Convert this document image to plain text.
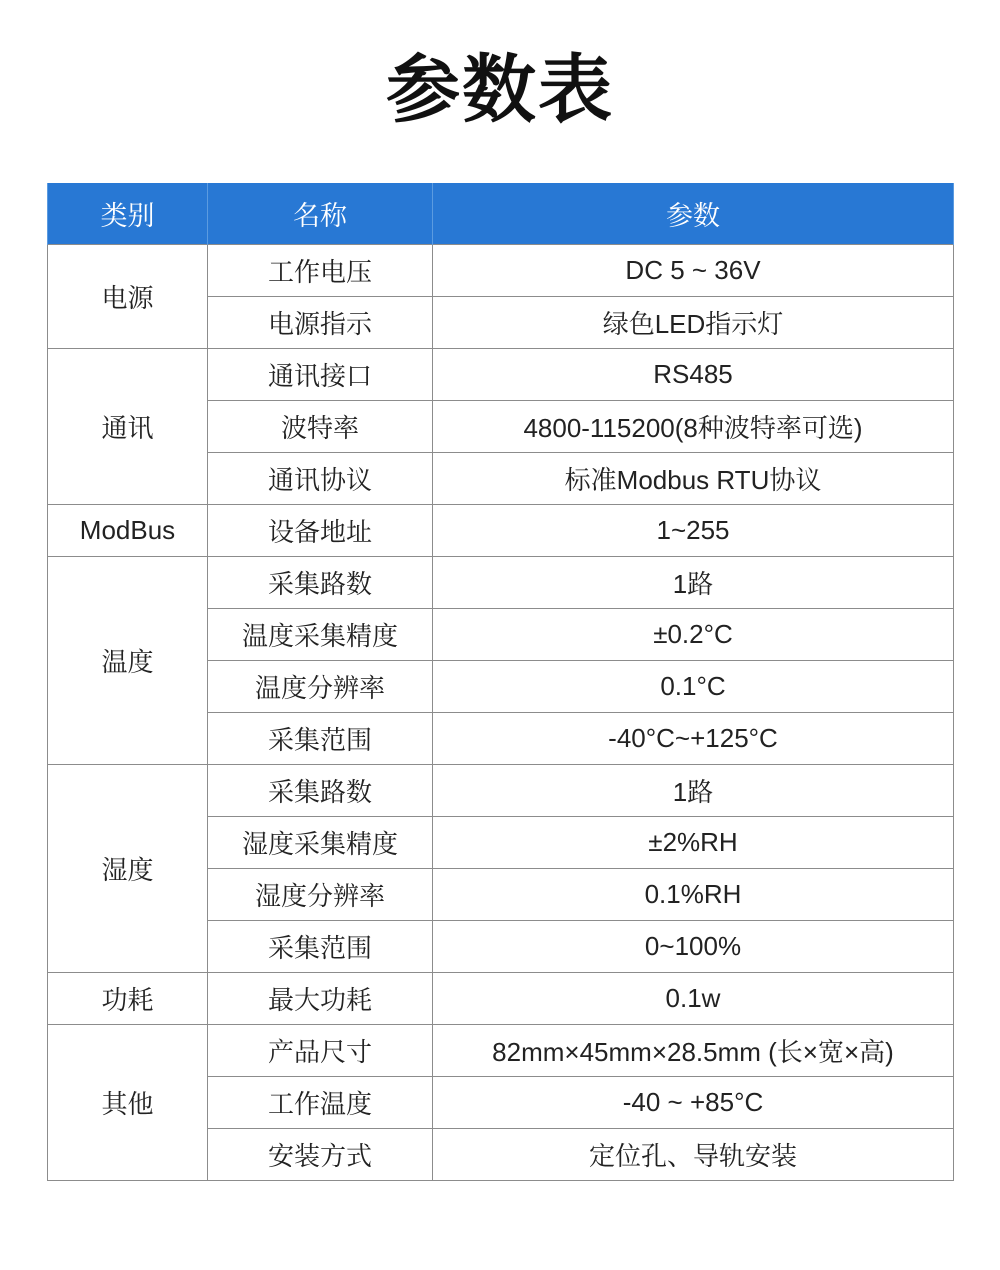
参数表
类别	名称	参数
电源	工作电压	DC 5 ~ 36V
	电源指示	绿色LED指示灯
通讯	通讯接口	RS485
	波特率	4800-115200(8种波特率可选)
	通讯协议	标准Modbus RTU协议
ModBus	设备地址	1~255
温度	采集路数	1路
	温度采集精度	±0.2°C
	温度分辨率	0.1°C
	采集范围	-40°C~+125°C
湿度	采集路数	1路
	湿度采集精度	±2%RH
	湿度分辨率	0.1%RH
	采集范围	0~100%
功耗	最大功耗	0.1w
其他	产品尺寸	82mm×45mm×28.5mm (长×宽×高)
	工作温度	-40 ~ +85°C
	安装方式	定位孔、导轨安装
